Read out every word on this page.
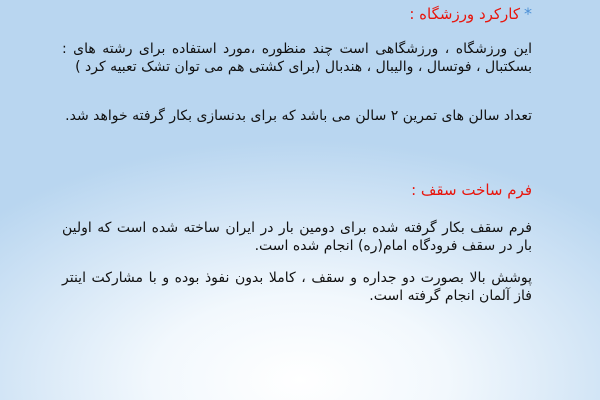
*کارکرد ورزشگاه :
این ورزشگاه ، ورزشگاهی است چند منظوره ،مورد استفاده برای رشته های : بسکتبال ، فوتسال ، والیبال ، هندبال (برای کشتی هم می توان تشک تعبیه کرد )
تعداد سالن های تمرین ۲ سالن می باشد که برای بدنسازی بکار گرفته خواهد شد.
فرم ساخت سقف :
فرم سقف بکار گرفته شده برای دومین بار در ایران ساخته شده است که اولین بار در سقف فرودگاه امام(ره) انجام شده است.
پوشش بالا بصورت دو جداره و سقف ، کاملا بدون نفوذ بوده و با مشارکت اینتر فاز آلمان انجام گرفته است.
